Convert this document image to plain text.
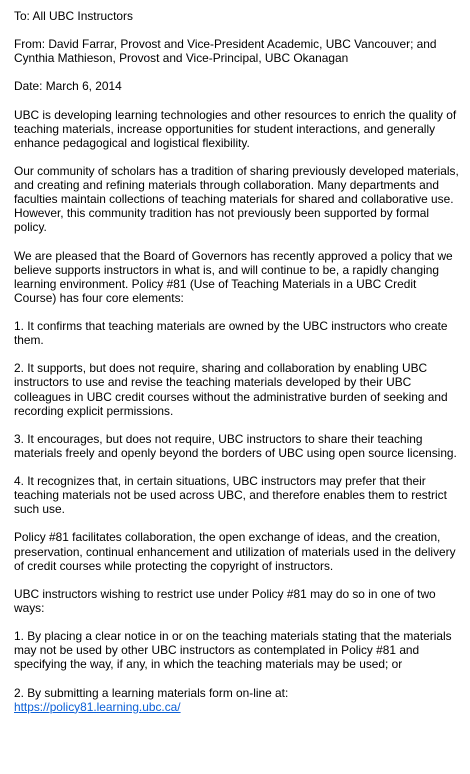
To: All UBC Instructors

From: David Farrar, Provost and Vice-President Academic, UBC Vancouver; and
Cynthia Mathieson, Provost and Vice-Principal, UBC Okanagan

Date: March 6, 2014

UBC is developing learning technologies and other resources to enrich the quality of teaching materials, increase opportunities for student interactions, and generally enhance pedagogical and logistical flexibility.

Our community of scholars has a tradition of sharing previously developed materials, and creating and refining materials through collaboration. Many departments and faculties maintain collections of teaching materials for shared and collaborative use. However, this community tradition has not previously been supported by formal policy.

We are pleased that the Board of Governors has recently approved a policy that we believe supports instructors in what is, and will continue to be, a rapidly changing learning environment. Policy #81 (Use of Teaching Materials in a UBC Credit Course) has four core elements:

1. It confirms that teaching materials are owned by the UBC instructors who create them.

2. It supports, but does not require, sharing and collaboration by enabling UBC instructors to use and revise the teaching materials developed by their UBC colleagues in UBC credit courses without the administrative burden of seeking and recording explicit permissions.

3. It encourages, but does not require, UBC instructors to share their teaching materials freely and openly beyond the borders of UBC using open source licensing.

4. It recognizes that, in certain situations, UBC instructors may prefer that their teaching materials not be used across UBC, and therefore enables them to restrict such use.

Policy #81 facilitates collaboration, the open exchange of ideas, and the creation, preservation, continual enhancement and utilization of materials used in the delivery of credit courses while protecting the copyright of instructors.

UBC instructors wishing to restrict use under Policy #81 may do so in one of two ways:

1. By placing a clear notice in or on the teaching materials stating that the materials may not be used by other UBC instructors as contemplated in Policy #81 and specifying the way, if any, in which the teaching materials may be used; or

2. By submitting a learning materials form on-line at:
https://policy81.learning.ubc.ca/
